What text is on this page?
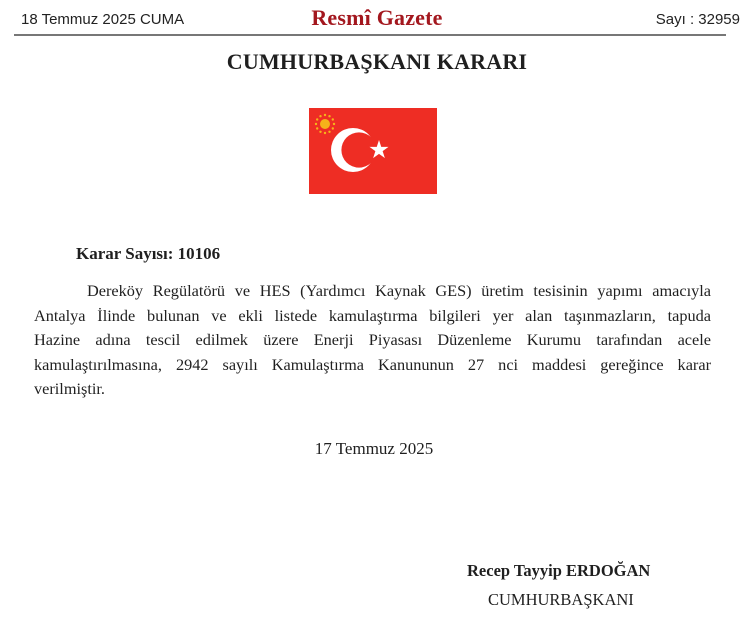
18 Temmuz 2025 CUMA	Resmî Gazete	Sayı : 32959
CUMHURBAŞKANI KARARI
Karar Sayısı: 10106
Dereköy Regülatörü ve HES (Yardımcı Kaynak GES) üretim tesisinin yapımı amacıyla
Antalya İlinde bulunan ve ekli listede kamulaştırma bilgileri yer alan taşınmazların, tapuda
Hazine adına tescil edilmek üzere Enerji Piyasası Düzenleme Kurumu tarafından acele
kamulaştırılmasına, 2942 sayılı Kamulaştırma Kanununun 27 nci maddesi gereğince karar
verilmiştir.
17 Temmuz 2025
Recep Tayyip ERDOĞAN
CUMHURBAŞKANI
